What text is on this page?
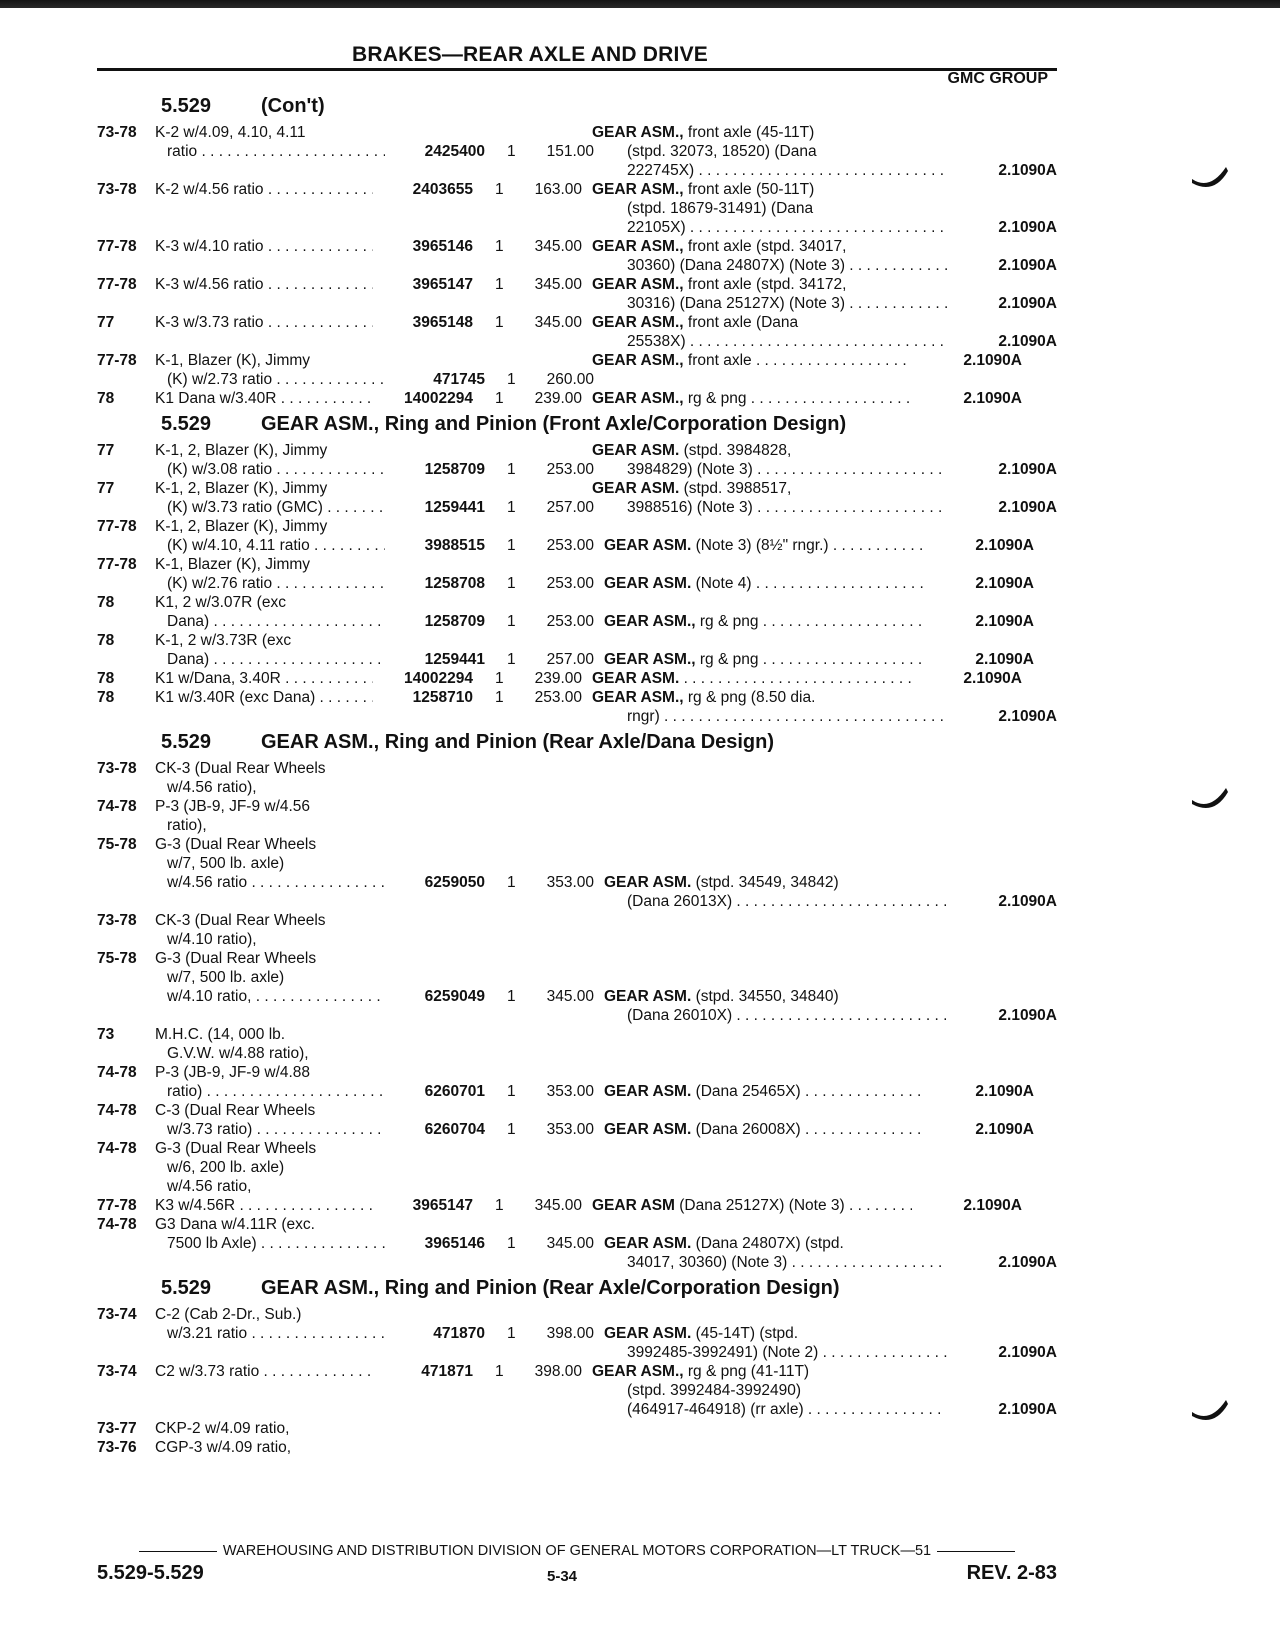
BRAKES—REAR AXLE AND DRIVE
GMC GROUP
5.529 (Con't)
73-78	K-2 w/4.09, 4.10, 4.11	GEAR ASM., front axle (45-11T)
ratio . . .	2425400 1	151.00	(stpd. 32073, 18520) (Dana
222745X) . . .	2.1090A
73-78	K-2 w/4.56 ratio . . .	2403655 1	163.00 GEAR ASM., front axle (50-11T)
(stpd. 18679-31491) (Dana
22105X) . . .	2.1090A
77-78	K-3 w/4.10 ratio . . .	3965146 1	345.00 GEAR ASM., front axle (stpd. 34017,
30360) (Dana 24807X) (Note 3) . . .	2.1090A
77-78	K-3 w/4.56 ratio . . .	3965147 1	345.00 GEAR ASM., front axle (stpd. 34172,
30316) (Dana 25127X) (Note 3) . . .	2.1090A
77	K-3 w/3.73 ratio . . .	3965148 1	345.00 GEAR ASM., front axle (Dana
25538X) . . .	2.1090A
77-78	K-1, Blazer (K), Jimmy	GEAR ASM., front axle . . .	2.1090A
(K) w/2.73 ratio . . .	471745 1	260.00
78	K1 Dana w/3.40R . . .	14002294 1	239.00 GEAR ASM., rg & png . . .	2.1090A
5.529 GEAR ASM., Ring and Pinion (Front Axle/Corporation Design)
77	K-1, 2, Blazer (K), Jimmy	GEAR ASM. (stpd. 3984828,
(K) w/3.08 ratio . . .	1258709 1	253.00	3984829) (Note 3) . . .	2.1090A
77	K-1, 2, Blazer (K), Jimmy	GEAR ASM. (stpd. 3988517,
(K) w/3.73 ratio (GMC) . . .	1259441 1	257.00	3988516) (Note 3) . . .	2.1090A
77-78	K-1, 2, Blazer (K), Jimmy
(K) w/4.10, 4.11 ratio . . .	3988515 1	253.00 GEAR ASM. (Note 3) (8½" rngr.) . . .	2.1090A
77-78	K-1, Blazer (K), Jimmy
(K) w/2.76 ratio . . .	1258708 1	253.00 GEAR ASM. (Note 4) . . .	2.1090A
78	K1, 2 w/3.07R (exc
Dana) . . .	1258709 1	253.00 GEAR ASM., rg & png . . .	2.1090A
78	K-1, 2 w/3.73R (exc
Dana) . . .	1259441 1	257.00 GEAR ASM., rg & png . . .	2.1090A
78	K1 w/Dana, 3.40R . . .	14002294 1	239.00 GEAR ASM. . . .	2.1090A
78	K1 w/3.40R (exc Dana) . . .	1258710 1	253.00 GEAR ASM., rg & png (8.50 dia.
rngr) . . .	2.1090A
5.529 GEAR ASM., Ring and Pinion (Rear Axle/Dana Design)
73-78	CK-3 (Dual Rear Wheels
w/4.56 ratio),
74-78	P-3 (JB-9, JF-9 w/4.56
ratio),
75-78	G-3 (Dual Rear Wheels
w/7, 500 lb. axle)
w/4.56 ratio . . .	6259050 1	353.00 GEAR ASM. (stpd. 34549, 34842)
(Dana 26013X) . . .	2.1090A
73-78	CK-3 (Dual Rear Wheels
w/4.10 ratio),
75-78	G-3 (Dual Rear Wheels
w/7, 500 lb. axle)
w/4.10 ratio, . . .	6259049 1	345.00 GEAR ASM. (stpd. 34550, 34840)
(Dana 26010X) . . .	2.1090A
73	M.H.C. (14, 000 lb.
G.V.W. w/4.88 ratio),
74-78	P-3 (JB-9, JF-9 w/4.88
ratio) . . .	6260701 1	353.00 GEAR ASM. (Dana 25465X) . . .	2.1090A
74-78	C-3 (Dual Rear Wheels
w/3.73 ratio) . . .	6260704 1	353.00 GEAR ASM. (Dana 26008X) . . .	2.1090A
74-78	G-3 (Dual Rear Wheels
w/6, 200 lb. axle)
w/4.56 ratio,
77-78	K3 w/4.56R . . .	3965147 1	345.00 GEAR ASM (Dana 25127X) (Note 3) . . .	2.1090A
74-78	G3 Dana w/4.11R (exc.
7500 lb Axle) . . .	3965146 1	345.00 GEAR ASM. (Dana 24807X) (stpd.
34017, 30360) (Note 3) . . .	2.1090A
5.529 GEAR ASM., Ring and Pinion (Rear Axle/Corporation Design)
73-74	C-2 (Cab 2-Dr., Sub.)
w/3.21 ratio . . .	471870 1	398.00 GEAR ASM. (45-14T) (stpd.
3992485-3992491) (Note 2) . . .	2.1090A
73-74	C2 w/3.73 ratio . . .	471871 1	398.00 GEAR ASM., rg & png (41-11T)
(stpd. 3992484-3992490)
(464917-464918) (rr axle) . . .	2.1090A
73-77	CKP-2 w/4.09 ratio,
73-76	CGP-3 w/4.09 ratio,
WAREHOUSING AND DISTRIBUTION DIVISION OF GENERAL MOTORS CORPORATION—LT TRUCK—51
5.529-5.529	5-34	REV. 2-83
